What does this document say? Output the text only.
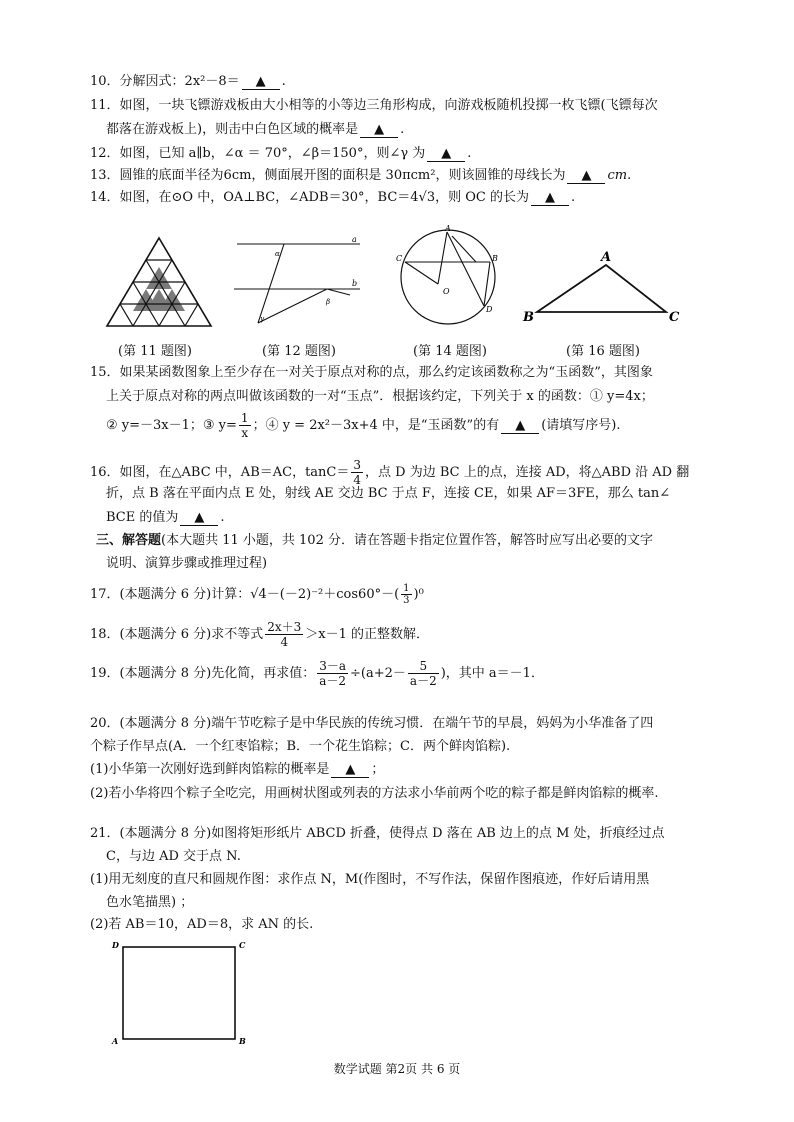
10．分解因式：2x²－8＝ ▲ .
11．如图，一块飞镖游戏板由大小相等的小等边三角形构成，向游戏板随机投掷一枚飞镖(飞镖每次
都落在游戏板上)，则击中白色区域的概率是 ▲ .
12．如图，已知 a∥b，∠α ＝ 70°，∠β＝150°，则∠γ 为 ▲ .
13．圆锥的底面半径为6cm，侧面展开图的面积是 30πcm²，则该圆锥的母线长为 ▲ cm.
14．如图，在⊙O 中，OA⊥BC，∠ADB＝30°，BC＝4√3，则 OC 的长为 ▲ .
a
b
α
β
γ
A
B
C
D
O
A
B	C
(第 11 题图)	(第 12 题图)	(第 14 题图)	(第 16 题图)
15．如果某函数图象上至少存在一对关于原点对称的点，那么约定该函数称之为“玉函数”，其图象
上关于原点对称的两点叫做该函数的一对“玉点”．根据该约定，下列关于 x 的函数：① y=4x；
② y=－3x－1；③ $y= \frac{1}{x}$ ；④ y = 2x²－3x+4 中，是“玉函数”的有 ▲ (请填写序号).
16．如图，在△ABC 中，AB＝AC，$\tan C= \frac{3}{4}$ ，点 D 为边 BC 上的点，连接 AD，将△ABD 沿 AD 翻
折，点 B 落在平面内点 E 处，射线 AE 交边 BC 于点 F，连接 CE，如果 AF＝3FE，那么 tan∠
BCE 的值为 ▲ .
三、解答题(本大题共 11 小题，共 102 分．请在答题卡指定位置作答，解答时应写出必要的文字
说明、演算步骤或推理过程)
17．(本题满分 6 分)计算：$√4-(-2)^{-2}+\cos 60^\circ-( \frac{1}{3} )^0$
18．(本题满分 6 分)求不等式 $\frac{2x+3}{4} >x-1$ 的正整数解．
19．(本题满分 8 分)先化简，再求值： $\frac{3-a}{a-2} \div(a+2- \frac{5}{a-2}$ )，其中 a＝－1．
20．(本题满分 8 分)端午节吃粽子是中华民族的传统习惯．在端午节的早晨，妈妈为小华准备了四
个粽子作早点(A．一个红枣馅粽；B．一个花生馅粽；C．两个鲜肉馅粽).
(1)小华第一次刚好选到鲜肉馅粽的概率是 ▲ ；
(2)若小华将四个粽子全吃完，用画树状图或列表的方法求小华前两个吃的粽子都是鲜肉馅粽的概率.
21．(本题满分 8 分)如图将矩形纸片 ABCD 折叠，使得点 D 落在 AB 边上的点 M 处，折痕经过点
C，与边 AD 交于点 N.
(1)用无刻度的直尺和圆规作图：求作点 N，M(作图时，不写作法，保留作图痕迹，作好后请用黑
色水笔描黑) ；
(2)若 AB＝10，AD＝8，求 AN 的长.
D	C
A	B
数学试题 第2页 共 6 页
